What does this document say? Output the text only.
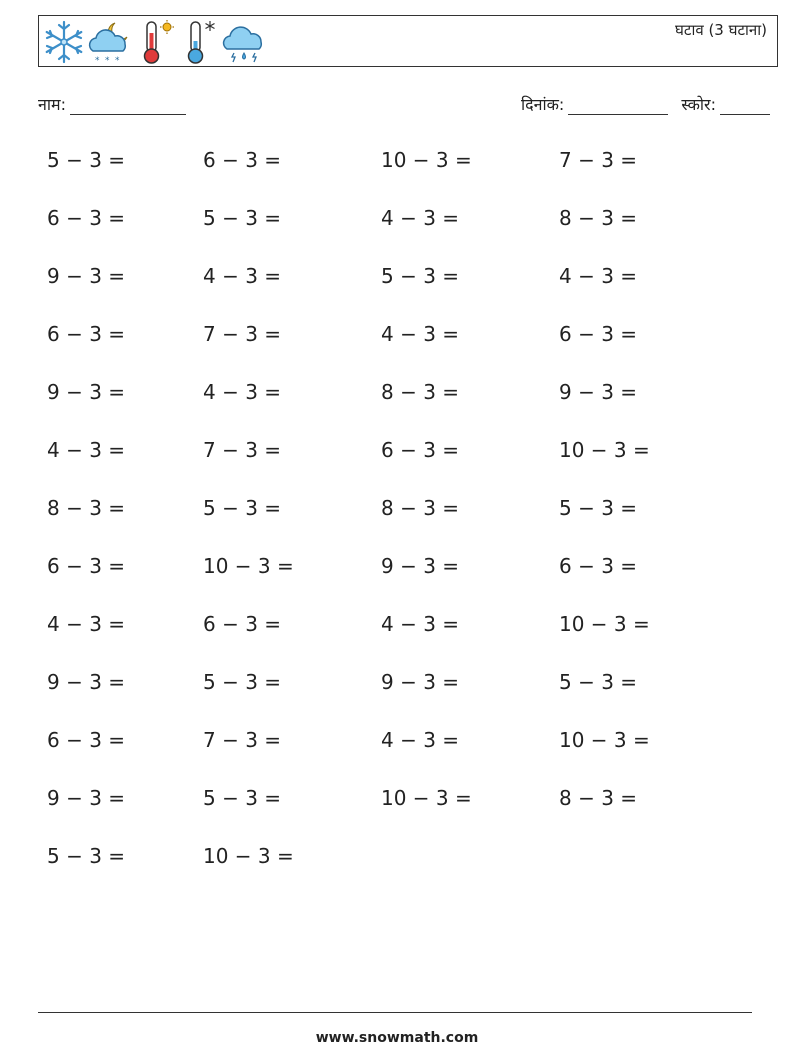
* * *
घटाव (3 घटाना)
नाम:	दिनांक:	स्कोर:
5 − 3 =	6 − 3 =	10 − 3 =	7 − 3 =
6 − 3 =	5 − 3 =	4 − 3 =	8 − 3 =
9 − 3 =	4 − 3 =	5 − 3 =	4 − 3 =
6 − 3 =	7 − 3 =	4 − 3 =	6 − 3 =
9 − 3 =	4 − 3 =	8 − 3 =	9 − 3 =
4 − 3 =	7 − 3 =	6 − 3 =	10 − 3 =
8 − 3 =	5 − 3 =	8 − 3 =	5 − 3 =
6 − 3 =	10 − 3 =	9 − 3 =	6 − 3 =
4 − 3 =	6 − 3 =	4 − 3 =	10 − 3 =
9 − 3 =	5 − 3 =	9 − 3 =	5 − 3 =
6 − 3 =	7 − 3 =	4 − 3 =	10 − 3 =
9 − 3 =	5 − 3 =	10 − 3 =	8 − 3 =
5 − 3 =	10 − 3 =
www.snowmath.com
